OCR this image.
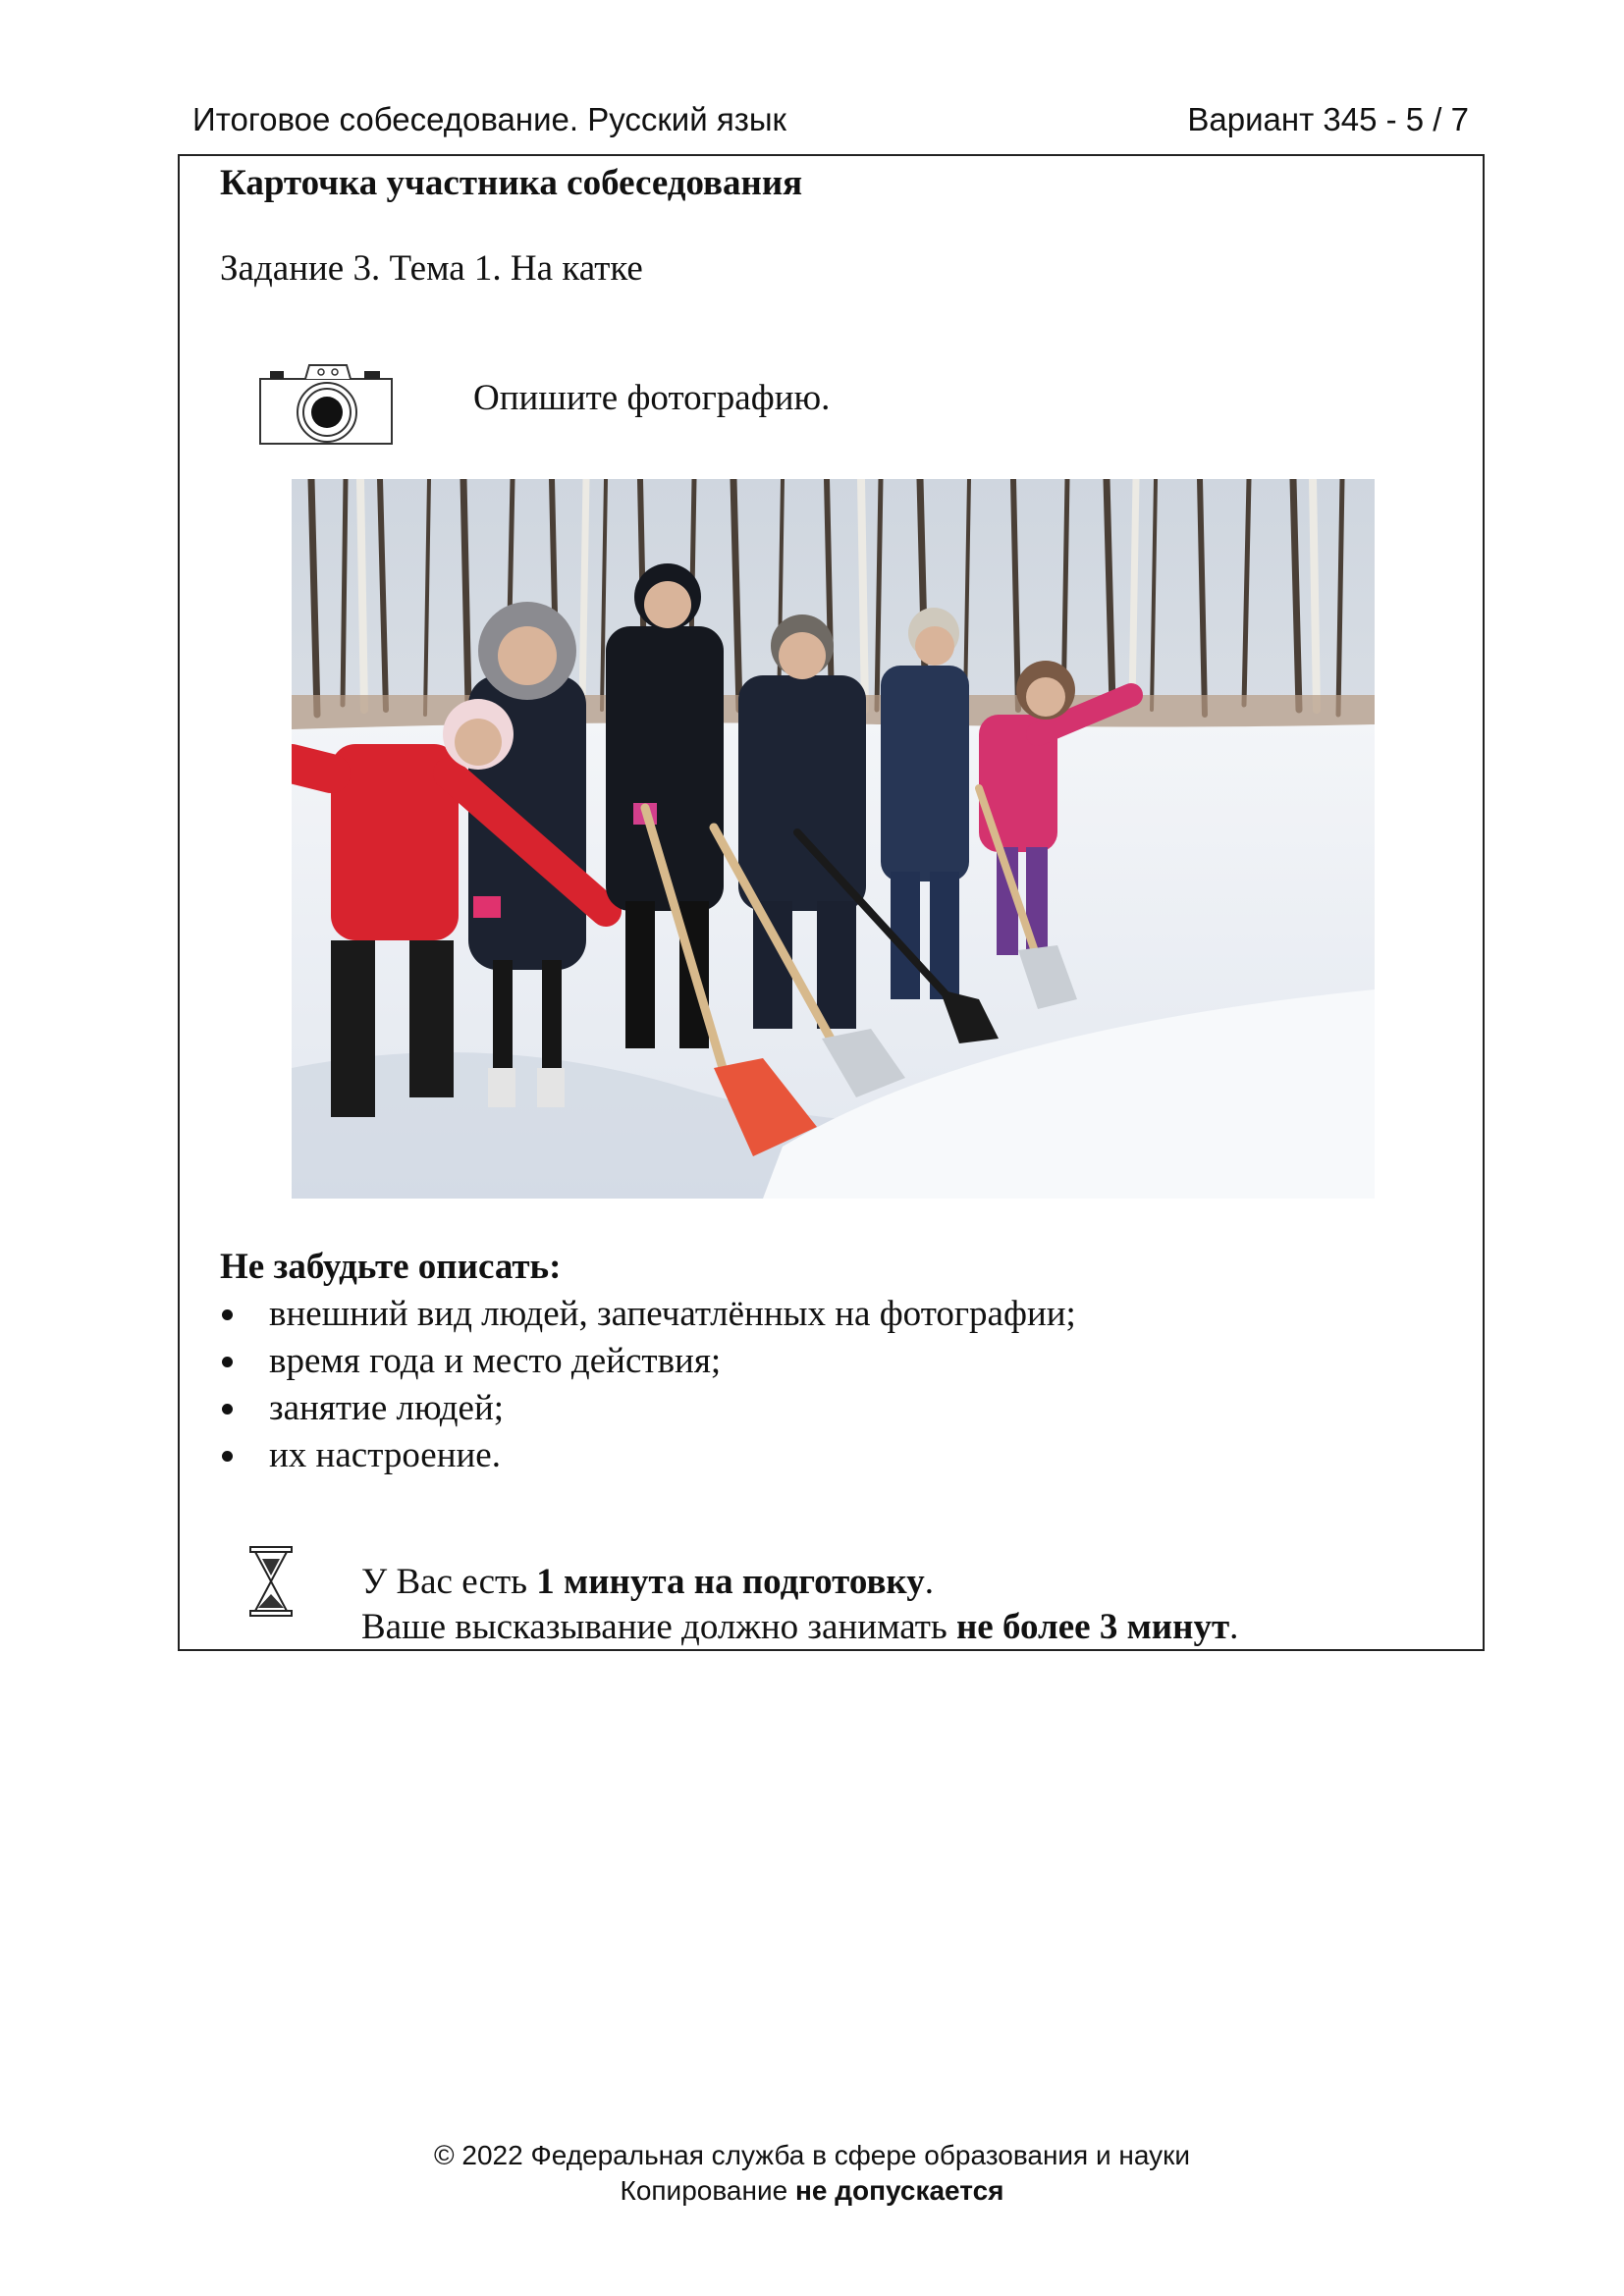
Итоговое собеседование. Русский язык	Вариант 345 - 5 / 7
Карточка участника собеседования
Задание 3. Тема 1. На катке
Опишите фотографию.
Не забудьте описать:
внешний вид людей, запечатлённых на фотографии;
время года и место действия;
занятие людей;
их настроение.
У Вас есть 1 минута на подготовку.
Ваше высказывание должно занимать не более 3 минут.
© 2022 Федеральная служба в сфере образования и науки
Копирование не допускается
